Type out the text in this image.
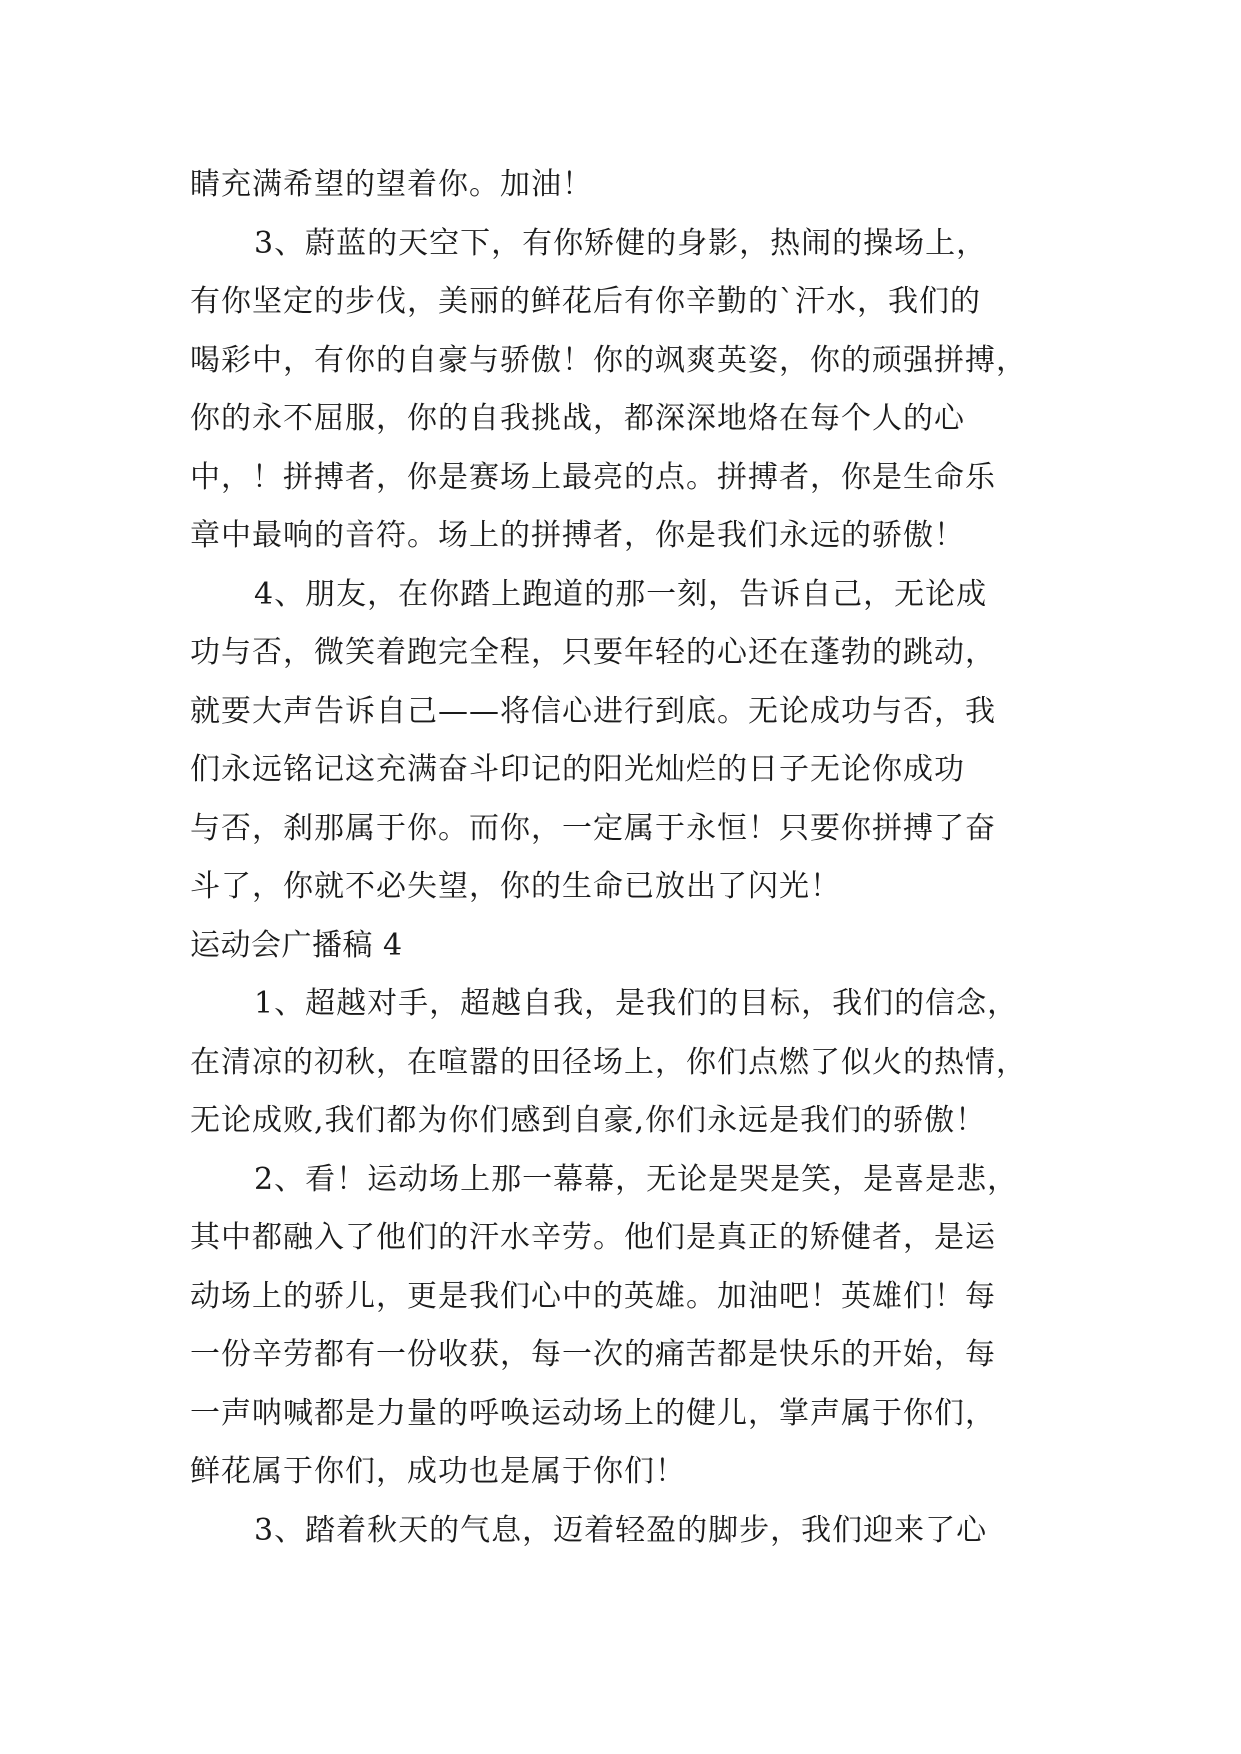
睛充满希望的望着你。加油！
3、蔚蓝的天空下，有你矫健的身影，热闹的操场上，
有你坚定的步伐，美丽的鲜花后有你辛勤的`汗水，我们的
喝彩中，有你的自豪与骄傲！你的飒爽英姿，你的顽强拼搏，
你的永不屈服，你的自我挑战，都深深地烙在每个人的心
中，！拼搏者，你是赛场上最亮的点。拼搏者，你是生命乐
章中最响的音符。场上的拼搏者，你是我们永远的骄傲！
4、朋友，在你踏上跑道的那一刻，告诉自己，无论成
功与否，微笑着跑完全程，只要年轻的心还在蓬勃的跳动，
就要大声告诉自己——将信心进行到底。无论成功与否，我
们永远铭记这充满奋斗印记的阳光灿烂的日子无论你成功
与否，刹那属于你。而你，一定属于永恒！只要你拼搏了奋
斗了，你就不必失望，你的生命已放出了闪光！
运动会广播稿 4
1、超越对手，超越自我，是我们的目标，我们的信念，
在清凉的初秋，在喧嚣的田径场上，你们点燃了似火的热情，
无论成败,我们都为你们感到自豪,你们永远是我们的骄傲！
2、看！运动场上那一幕幕，无论是哭是笑，是喜是悲，
其中都融入了他们的汗水辛劳。他们是真正的矫健者，是运
动场上的骄儿，更是我们心中的英雄。加油吧！英雄们！每
一份辛劳都有一份收获，每一次的痛苦都是快乐的开始，每
一声呐喊都是力量的呼唤运动场上的健儿，掌声属于你们，
鲜花属于你们，成功也是属于你们！
3、踏着秋天的气息，迈着轻盈的脚步，我们迎来了心
